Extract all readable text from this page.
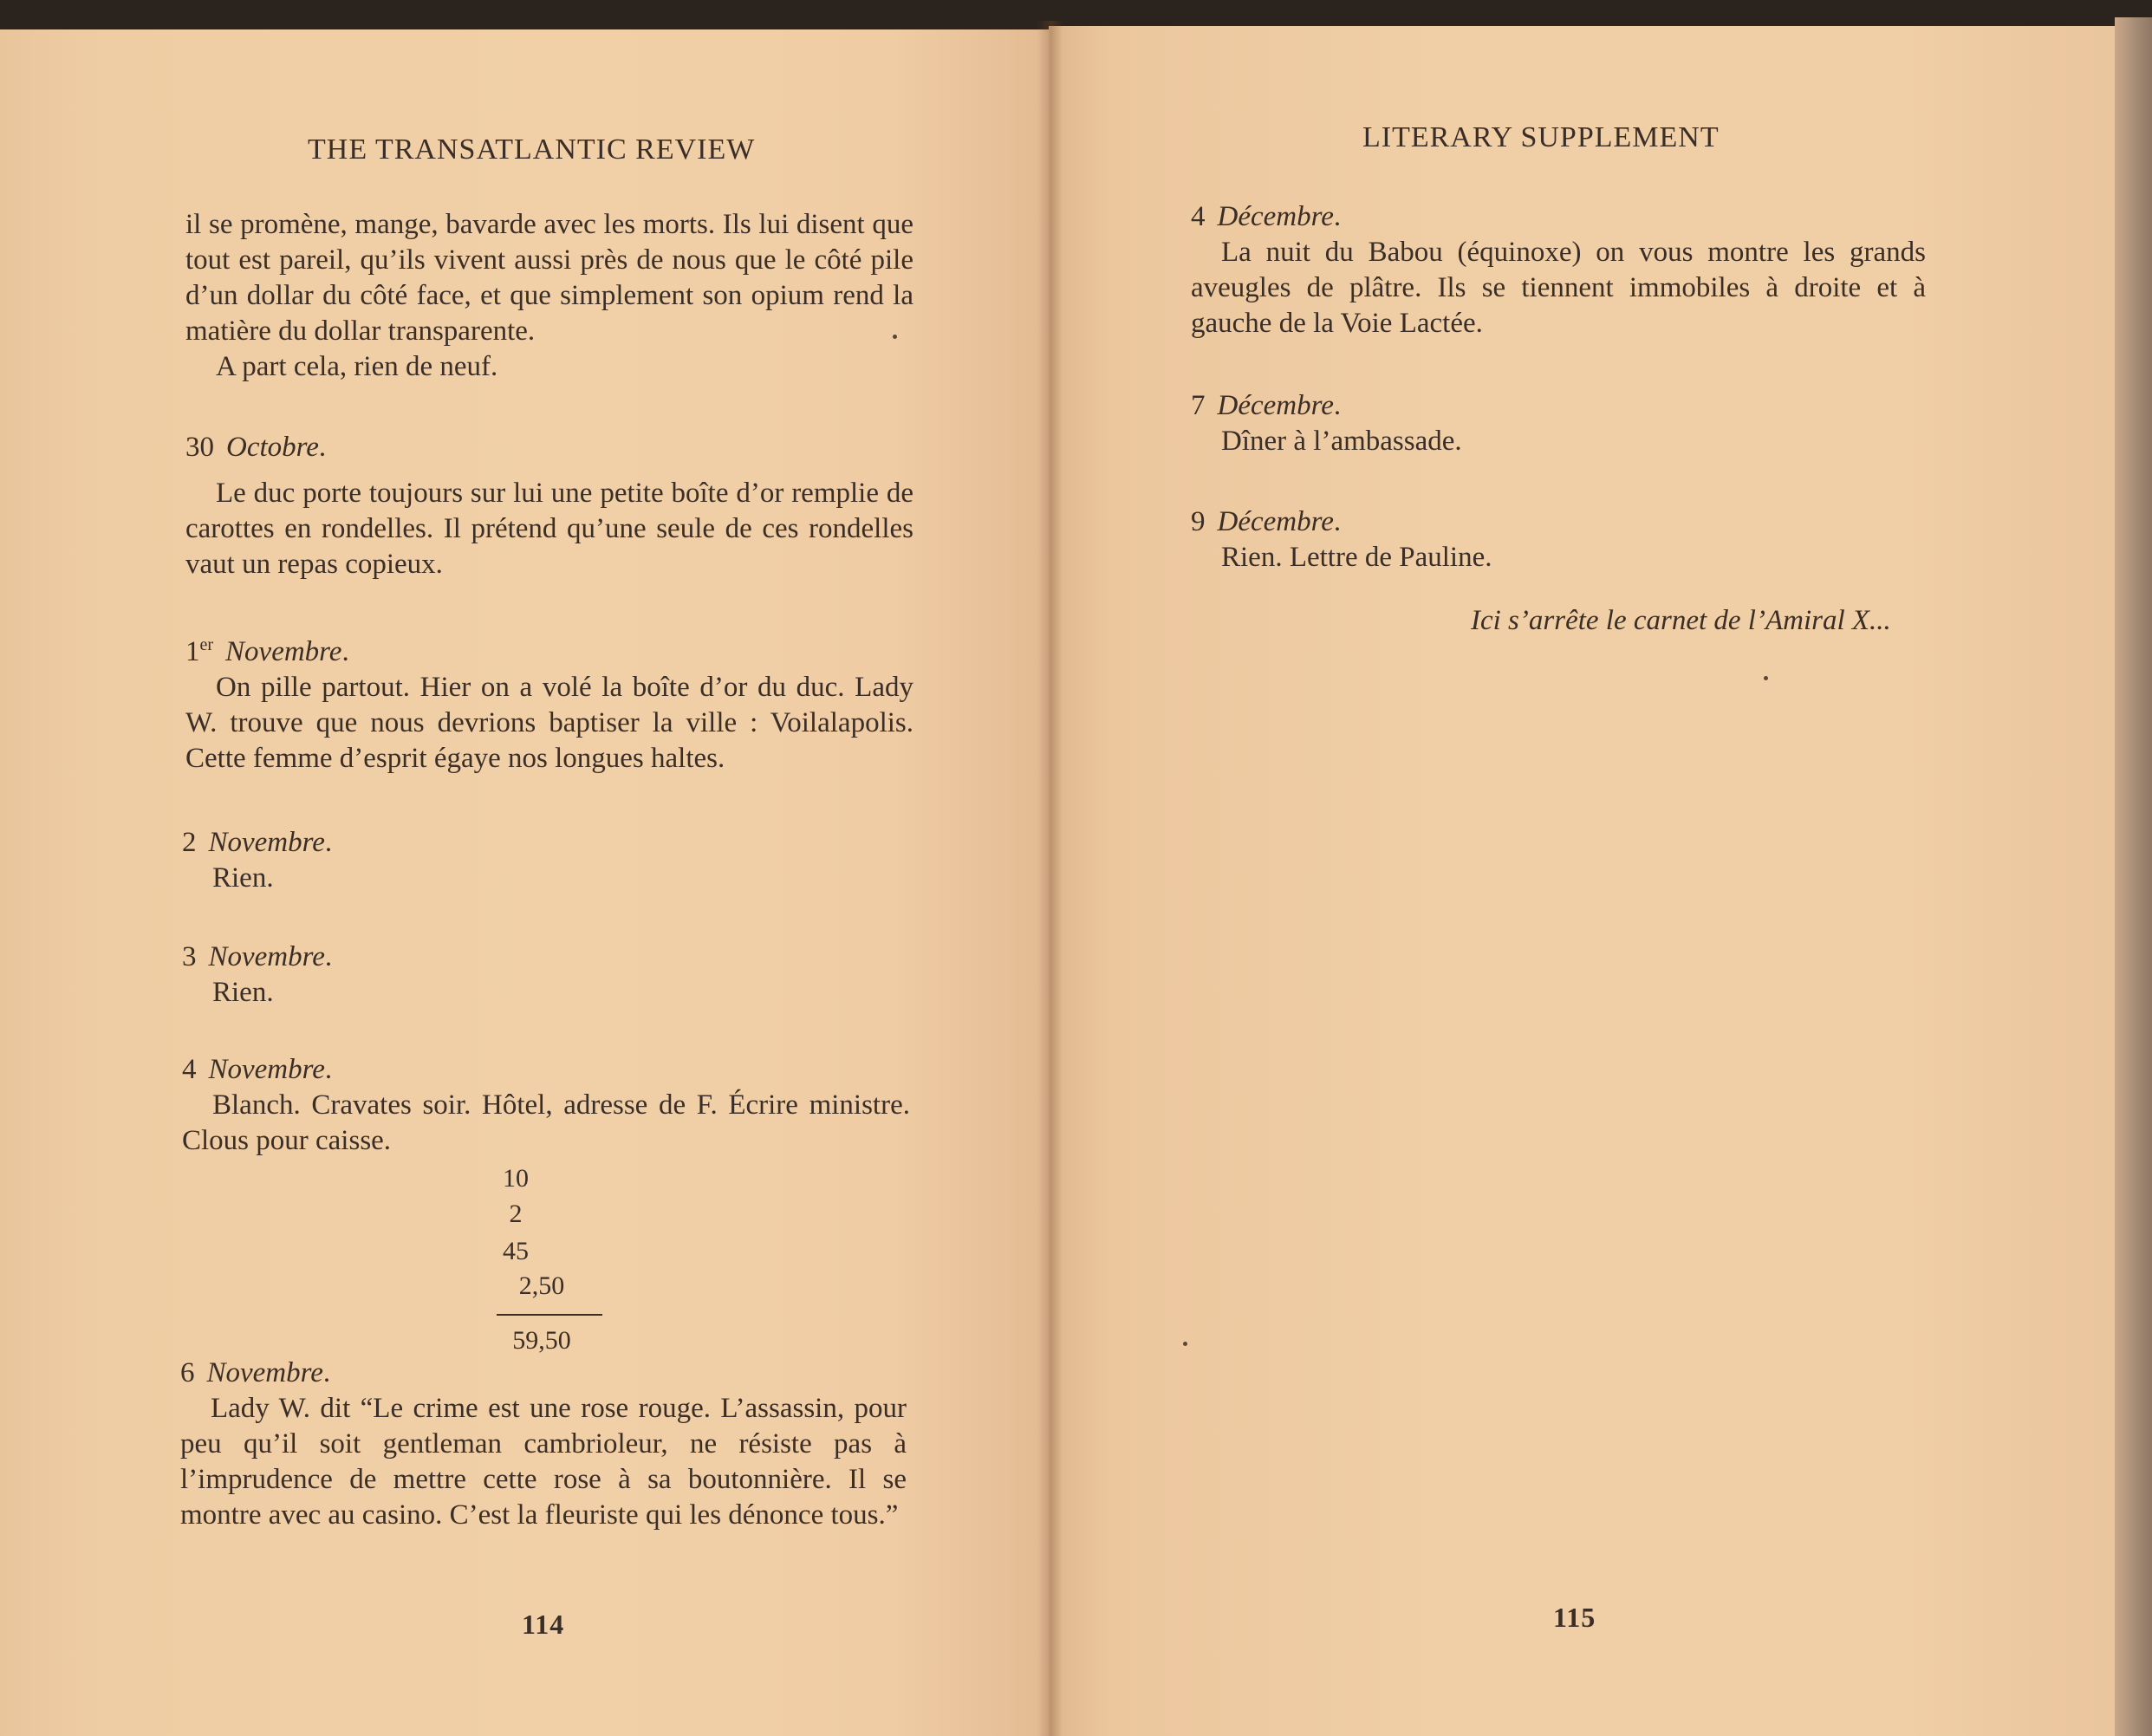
THE TRANSATLANTIC REVIEW

il se promène, mange, bavarde avec les morts. Ils lui disent que tout est pareil, qu’ils vivent aussi près de nous que le côté pile d’un dollar du côté face, et que simplement son opium rend la matière du dollar transparente.

A part cela, rien de neuf.

30 Octobre.

Le duc porte toujours sur lui une petite boîte d’or remplie de carottes en rondelles. Il prétend qu’une seule de ces rondelles vaut un repas copieux.

1er Novembre.

On pille partout. Hier on a volé la boîte d’or du duc. Lady W. trouve que nous devrions baptiser la ville : Voilalapolis. Cette femme d’esprit égaye nos longues haltes.

2 Novembre.

Rien.

3 Novembre.

Rien.

4 Novembre.

Blanch. Cravates soir. Hôtel, adresse de F. Écrire ministre. Clous pour caisse.

10
2
45
2,50
59,50

6 Novembre.

Lady W. dit “Le crime est une rose rouge. L’assassin, pour peu qu’il soit gentleman cambrioleur, ne résiste pas à l’imprudence de mettre cette rose à sa boutonnière. Il se montre avec au casino. C’est la fleuriste qui les dénonce tous.”

114
LITERARY SUPPLEMENT

4 Décembre.

La nuit du Babou (équinoxe) on vous montre les grands aveugles de plâtre. Ils se tiennent immobiles à droite et à gauche de la Voie Lactée.

7 Décembre.

Dîner à l’ambassade.

9 Décembre.

Rien. Lettre de Pauline.

Ici s’arrête le carnet de l’Amiral X...
115
